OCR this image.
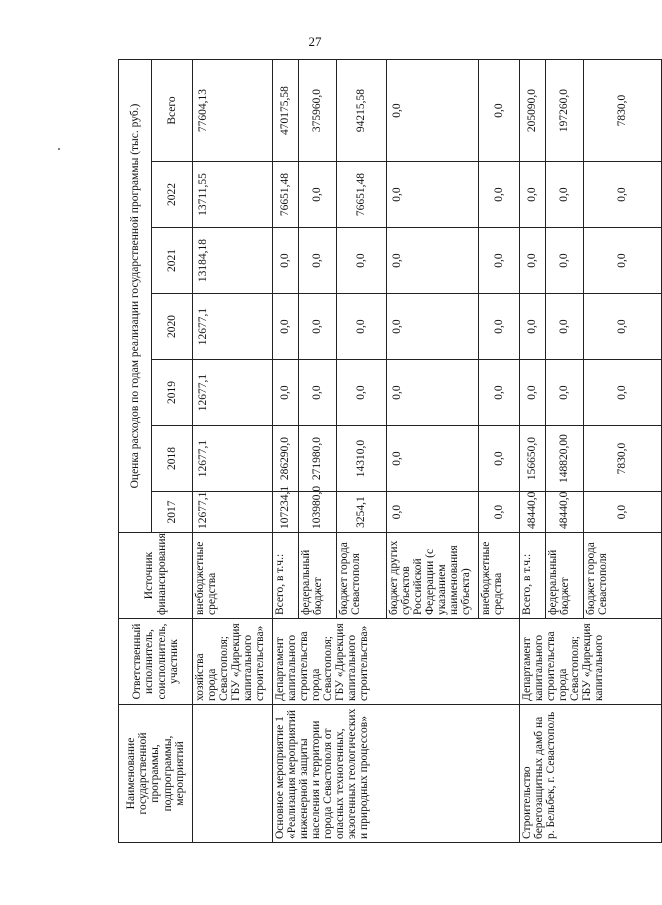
27
Наименование государственной программы, подпрограммы, мероприятий	Ответственный исполнитель, соисполнитель, участник	Источник финансирования	Оценка расходов по годам реализации государственной программы (тыс. руб.)						
			2017	2018	2019	2020	2021	2022	Всего
	хозяйства города Севастополя; ГБУ «Дирекция капитального строительства»	внебюджетные средства	12677,1	12677,1	12677,1	12677,1	13184,18	13711,55	77604,13
Основное мероприятие 1 «Реализация мероприятий инженерной защиты населения и территории города Севастополя от опасных техногенных, экзогенных геологических и природных процессов»	Департамент капитального строительства города Севастополя; ГБУ «Дирекция капитального строительства»	Всего, в т.ч.:	107234,1	286290,0	0,0	0,0	0,0	76651,48	470175,58
		федеральный бюджет	103980,0	271980,0	0,0	0,0	0,0	0,0	375960,0
		бюджет города Севастополя	3254,1	14310,0	0,0	0,0	0,0	76651,48	94215,58
		бюджет других субъектов Российской Федерации (с указанием наименования субъекта)	0,0	0,0	0,0	0,0	0,0	0,0	0,0
		внебюджетные средства	0,0	0,0	0,0	0,0	0,0	0,0	0,0
Строительство берегозащитных дамб на р. Бельбек, г. Севастополь	Департамент капитального строительства города Севастополя; ГБУ «Дирекция капитального	Всего, в т.ч.:	48440,0	156650,0	0,0	0,0	0,0	0,0	205090,0
		федеральный бюджет	48440,0	148820,00	0,0	0,0	0,0	0,0	197260,0
		бюджет города Севастополя	0,0	7830,0	0,0	0,0	0,0	0,0	7830,0
